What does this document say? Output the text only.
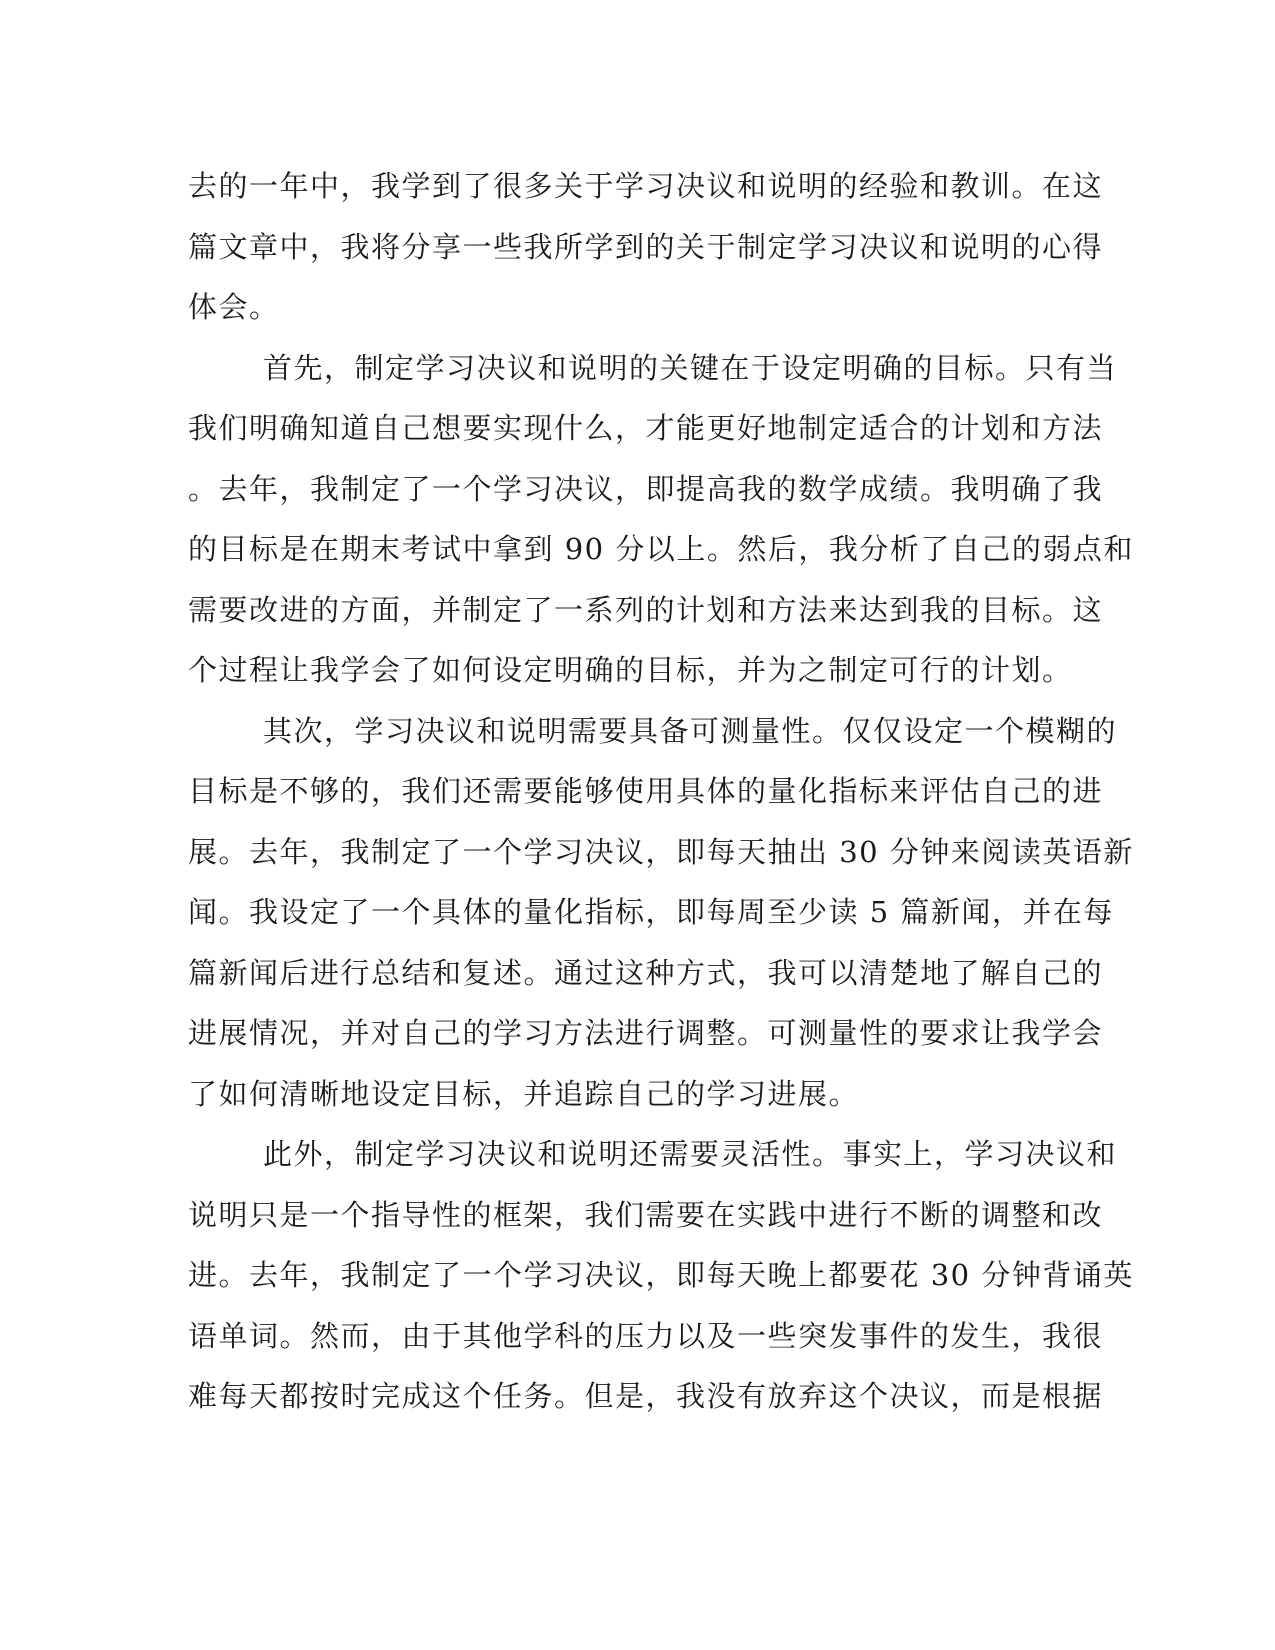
去的一年中，我学到了很多关于学习决议和说明的经验和教训。在这
篇文章中，我将分享一些我所学到的关于制定学习决议和说明的心得
体会。
首先，制定学习决议和说明的关键在于设定明确的目标。只有当
我们明确知道自己想要实现什么，才能更好地制定适合的计划和方法
。去年，我制定了一个学习决议，即提高我的数学成绩。我明确了我
的目标是在期末考试中拿到 90 分以上。然后，我分析了自己的弱点和
需要改进的方面，并制定了一系列的计划和方法来达到我的目标。这
个过程让我学会了如何设定明确的目标，并为之制定可行的计划。
其次，学习决议和说明需要具备可测量性。仅仅设定一个模糊的
目标是不够的，我们还需要能够使用具体的量化指标来评估自己的进
展。去年，我制定了一个学习决议，即每天抽出 30 分钟来阅读英语新
闻。我设定了一个具体的量化指标，即每周至少读 5 篇新闻，并在每
篇新闻后进行总结和复述。通过这种方式，我可以清楚地了解自己的
进展情况，并对自己的学习方法进行调整。可测量性的要求让我学会
了如何清晰地设定目标，并追踪自己的学习进展。
此外，制定学习决议和说明还需要灵活性。事实上，学习决议和
说明只是一个指导性的框架，我们需要在实践中进行不断的调整和改
进。去年，我制定了一个学习决议，即每天晚上都要花 30 分钟背诵英
语单词。然而，由于其他学科的压力以及一些突发事件的发生，我很
难每天都按时完成这个任务。但是，我没有放弃这个决议，而是根据
